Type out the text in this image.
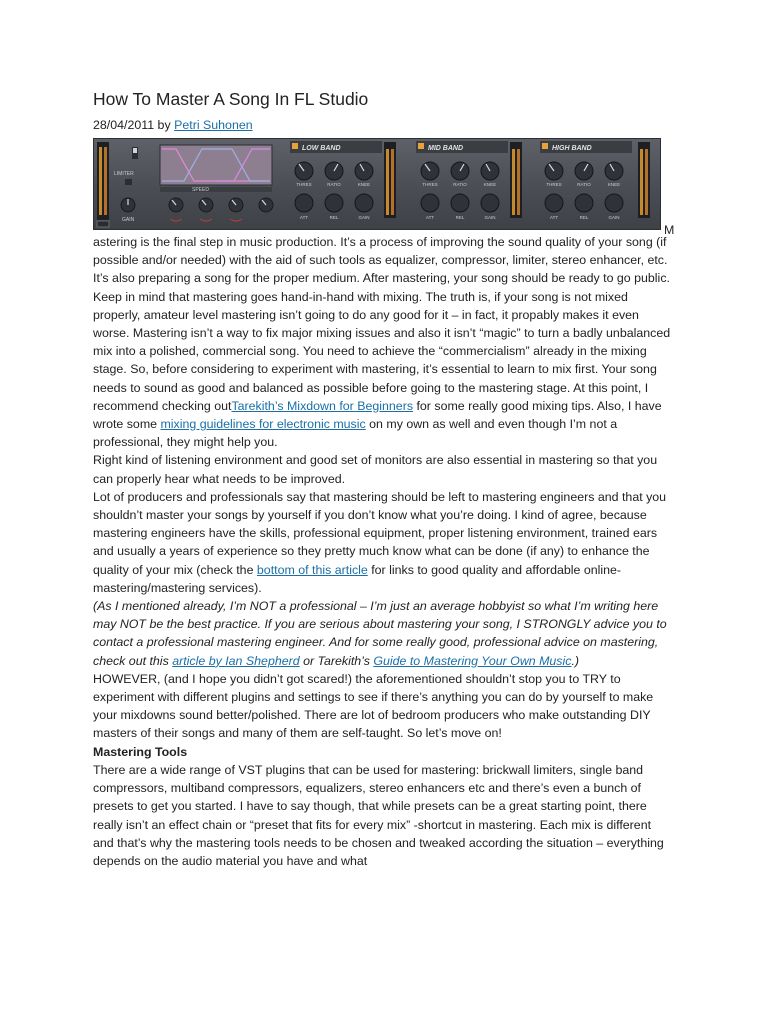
How To Master A Song In FL Studio
28/04/2011 by Petri Suhonen
LIMITER
SPEED
GAIN
LOW BAND	MID BAND	HIGH BAND
THRES	RATIO	KNEE
ATT	REL	GAIN
THRES	RATIO	KNEE
ATT	REL	GAIN
THRES	RATIO	KNEE
ATT	REL	GAIN
M

astering is the final step in music production. It’s a process of improving the sound quality of your song (if possible and/or needed) with the aid of such tools as equalizer, compressor, limiter, stereo enhancer, etc. It’s also preparing a song for the proper medium. After mastering, your song should be ready to go public.

Keep in mind that mastering goes hand-in-hand with mixing. The truth is, if your song is not mixed properly, amateur level mastering isn’t going to do any good for it – in fact, it propably makes it even worse. Mastering isn’t a way to fix major mixing issues and also it isn’t “magic” to turn a badly unbalanced mix into a polished, commercial song. You need to achieve the “commercialism” already in the mixing stage. So, before considering to experiment with mastering, it’s essential to learn to mix first. Your song needs to sound as good and balanced as possible before going to the mastering stage. At this point, I recommend checking outTarekith’s Mixdown for Beginners for some really good mixing tips. Also, I have wrote some mixing guidelines for electronic music on my own as well and even though I’m not a professional, they might help you.

Right kind of listening environment and good set of monitors are also essential in mastering so that you can properly hear what needs to be improved.

Lot of producers and professionals say that mastering should be left to mastering engineers and that you shouldn’t master your songs by yourself if you don’t know what you’re doing. I kind of agree, because mastering engineers have the skills, professional equipment, proper listening environment, trained ears and usually a years of experience so they pretty much know what can be done (if any) to enhance the quality of your mix (check the bottom of this article for links to good quality and affordable online-mastering/mastering services).

(As I mentioned already, I’m NOT a professional – I’m just an average hobbyist so what I’m writing here may NOT be the best practice. If you are serious about mastering your song, I STRONGLY advice you to contact a professional mastering engineer. And for some really good, professional advice on mastering, check out this article by Ian Shepherd or Tarekith’s Guide to Mastering Your Own Music.)

HOWEVER, (and I hope you didn’t got scared!) the aforementioned shouldn’t stop you to TRY to experiment with different plugins and settings to see if there’s anything you can do by yourself to make your mixdowns sound better/polished. There are lot of bedroom producers who make outstanding DIY masters of their songs and many of them are self-taught. So let’s move on!

Mastering Tools

There are a wide range of VST plugins that can be used for mastering: brickwall limiters, single band compressors, multiband compressors, equalizers, stereo enhancers etc and there’s even a bunch of presets to get you started. I have to say though, that while presets can be a great starting point, there really isn’t an effect chain or “preset that fits for every mix” -shortcut in mastering. Each mix is different and that’s why the mastering tools needs to be chosen and tweaked according the situation – everything depends on the audio material you have and what
